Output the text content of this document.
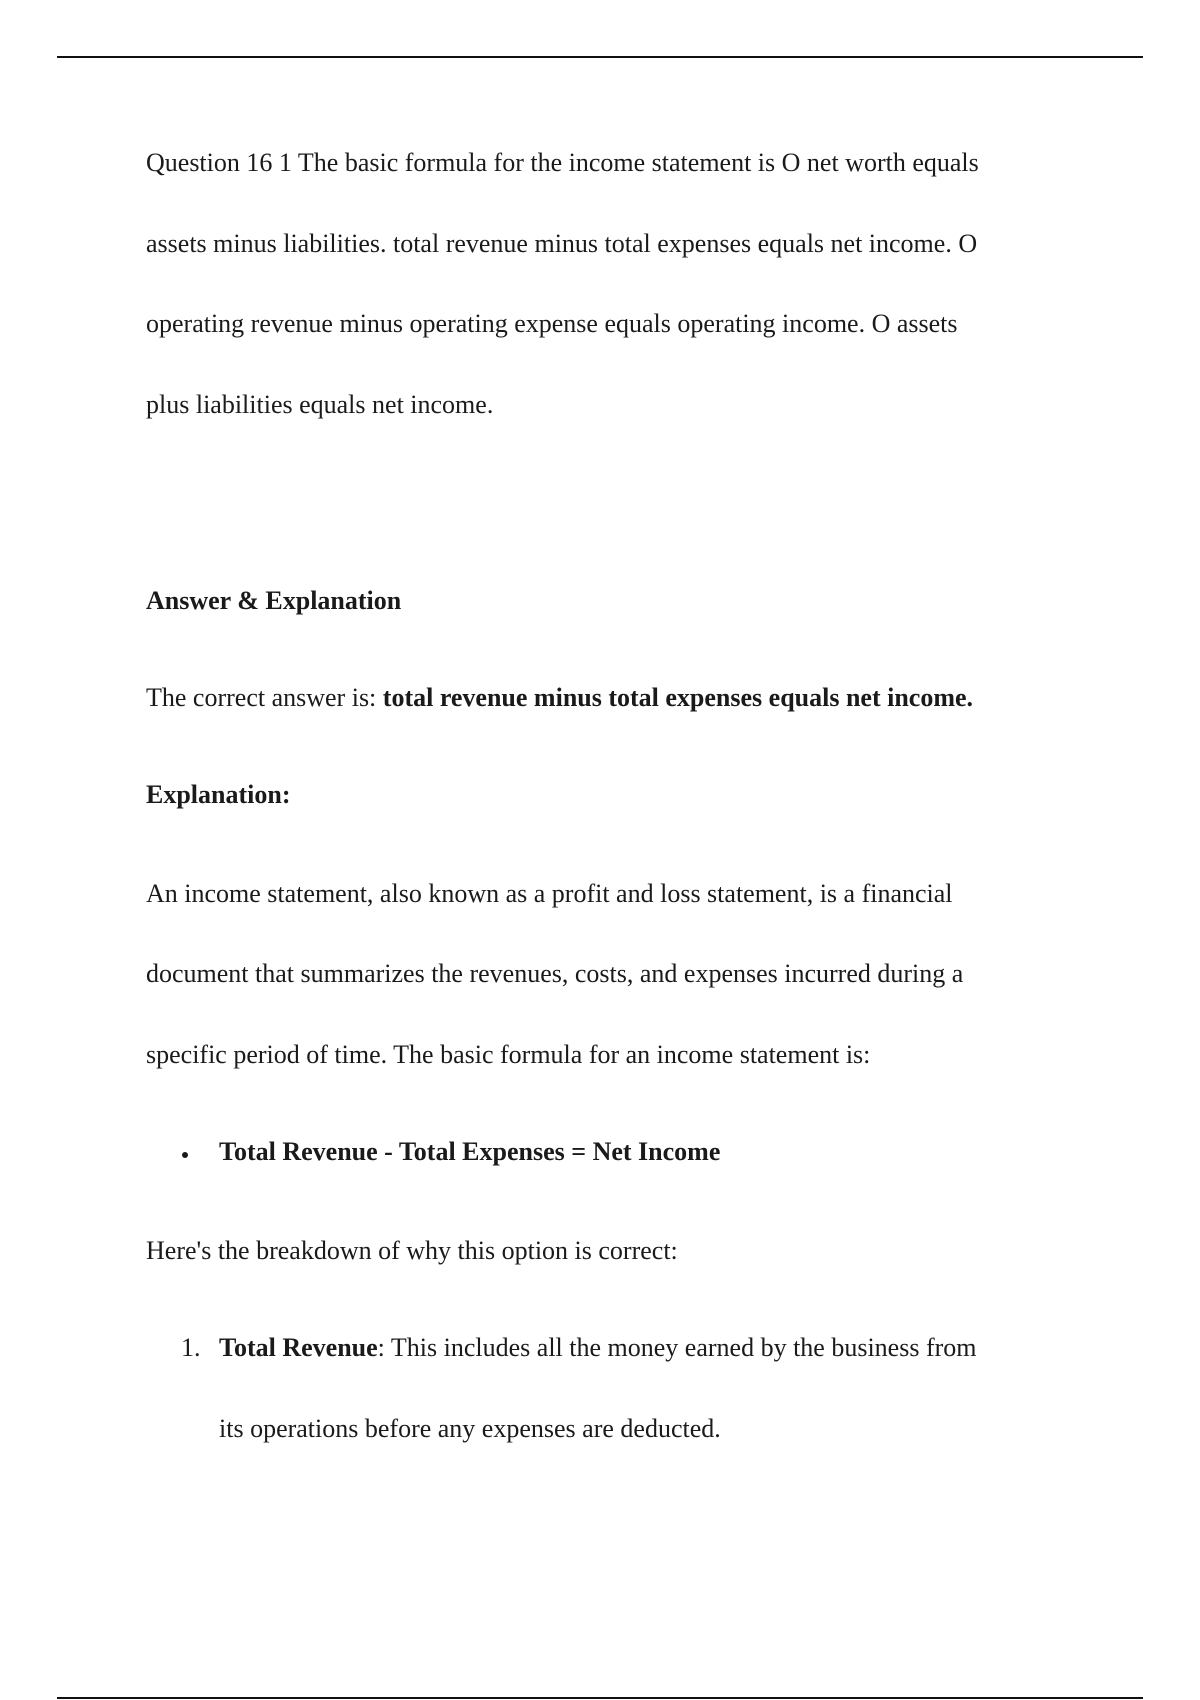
Question 16 1 The basic formula for the income statement is O net worth equals
assets minus liabilities. total revenue minus total expenses equals net income. O
operating revenue minus operating expense equals operating income. O assets
plus liabilities equals net income.
Answer & Explanation
The correct answer is: total revenue minus total expenses equals net income.
Explanation:
An income statement, also known as a profit and loss statement, is a financial
document that summarizes the revenues, costs, and expenses incurred during a
specific period of time. The basic formula for an income statement is:
Total Revenue - Total Expenses = Net Income
Here's the breakdown of why this option is correct:
1. Total Revenue: This includes all the money earned by the business from
its operations before any expenses are deducted.
